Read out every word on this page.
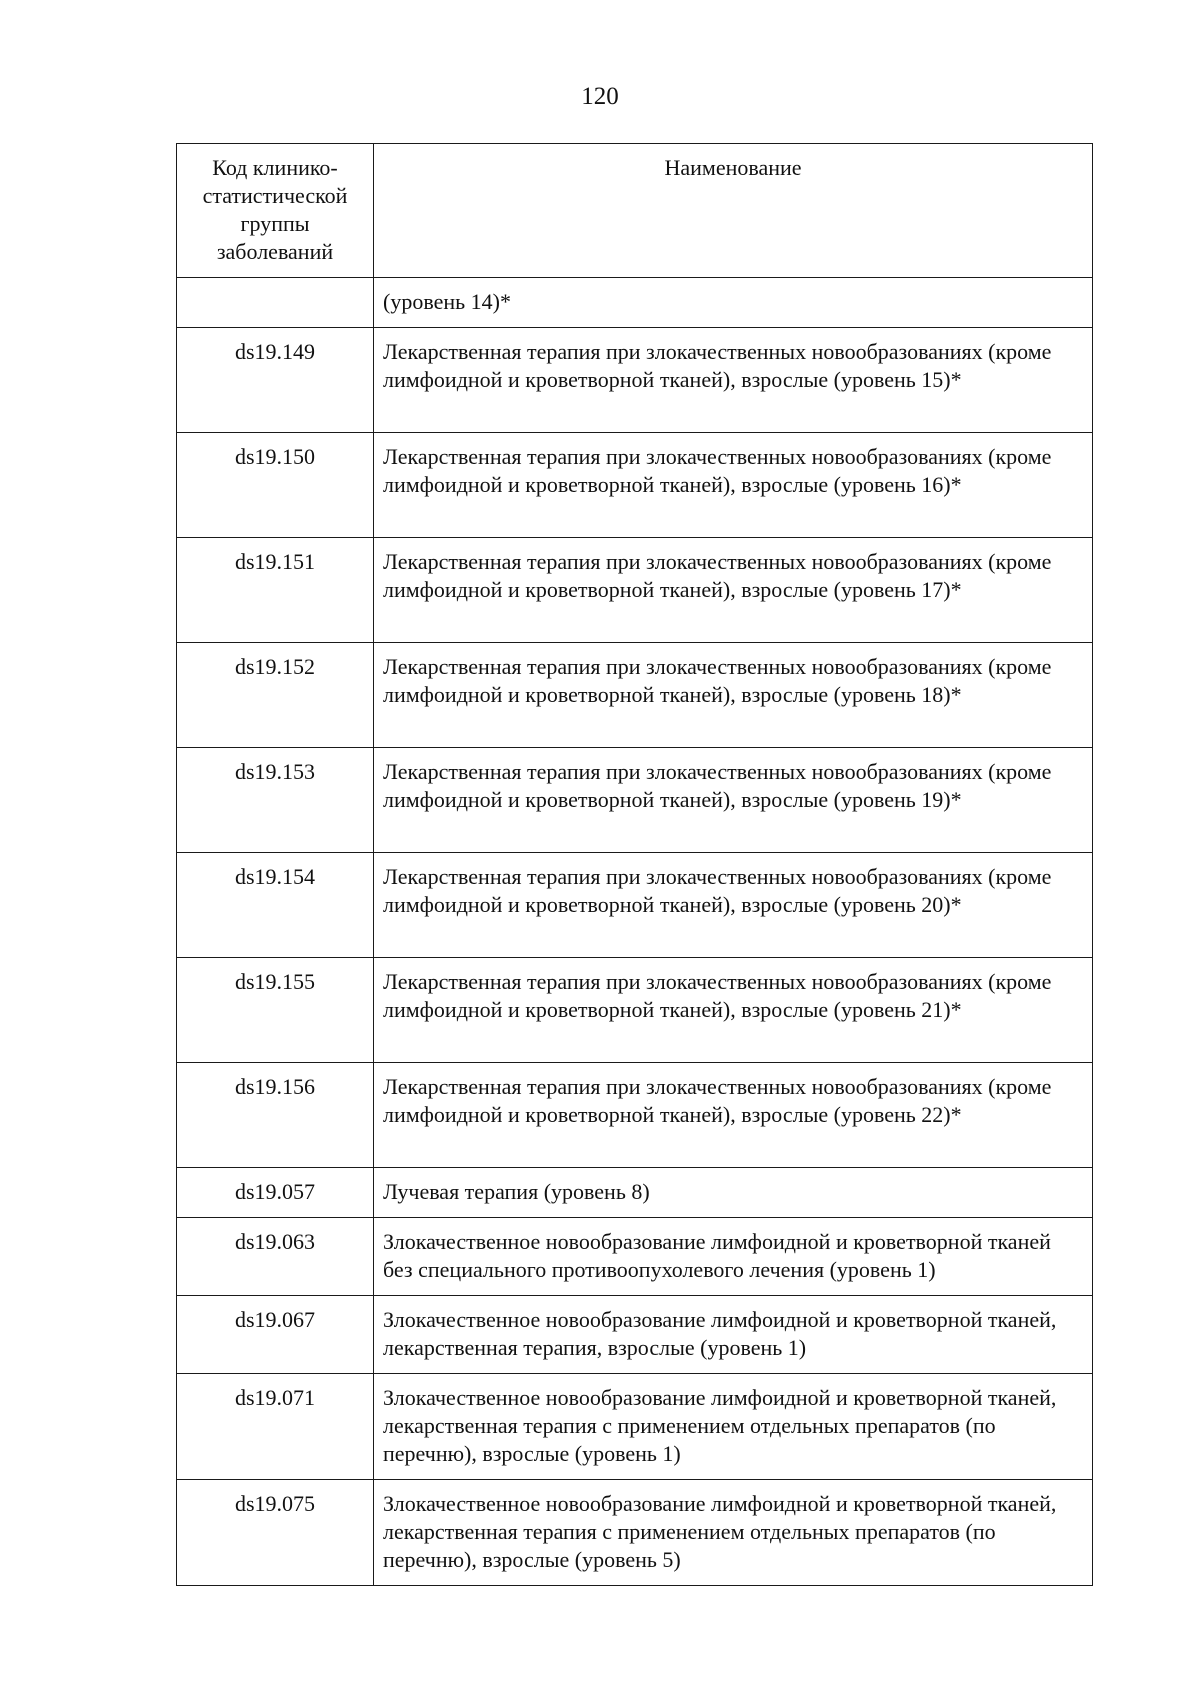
120
Код клинико-статистической группы заболеваний	Наименование
	(уровень 14)*
ds19.149	Лекарственная терапия при злокачественных новообразованиях (кроме лимфоидной и кроветворной тканей), взрослые (уровень 15)*
ds19.150	Лекарственная терапия при злокачественных новообразованиях (кроме лимфоидной и кроветворной тканей), взрослые (уровень 16)*
ds19.151	Лекарственная терапия при злокачественных новообразованиях (кроме лимфоидной и кроветворной тканей), взрослые (уровень 17)*
ds19.152	Лекарственная терапия при злокачественных новообразованиях (кроме лимфоидной и кроветворной тканей), взрослые (уровень 18)*
ds19.153	Лекарственная терапия при злокачественных новообразованиях (кроме лимфоидной и кроветворной тканей), взрослые (уровень 19)*
ds19.154	Лекарственная терапия при злокачественных новообразованиях (кроме лимфоидной и кроветворной тканей), взрослые (уровень 20)*
ds19.155	Лекарственная терапия при злокачественных новообразованиях (кроме лимфоидной и кроветворной тканей), взрослые (уровень 21)*
ds19.156	Лекарственная терапия при злокачественных новообразованиях (кроме лимфоидной и кроветворной тканей), взрослые (уровень 22)*
ds19.057	Лучевая терапия (уровень 8)
ds19.063	Злокачественное новообразование лимфоидной и кроветворной тканей без специального противоопухолевого лечения (уровень 1)
ds19.067	Злокачественное новообразование лимфоидной и кроветворной тканей, лекарственная терапия, взрослые (уровень 1)
ds19.071	Злокачественное новообразование лимфоидной и кроветворной тканей, лекарственная терапия с применением отдельных препаратов (по перечню), взрослые (уровень 1)
ds19.075	Злокачественное новообразование лимфоидной и кроветворной тканей, лекарственная терапия с применением отдельных препаратов (по перечню), взрослые (уровень 5)
